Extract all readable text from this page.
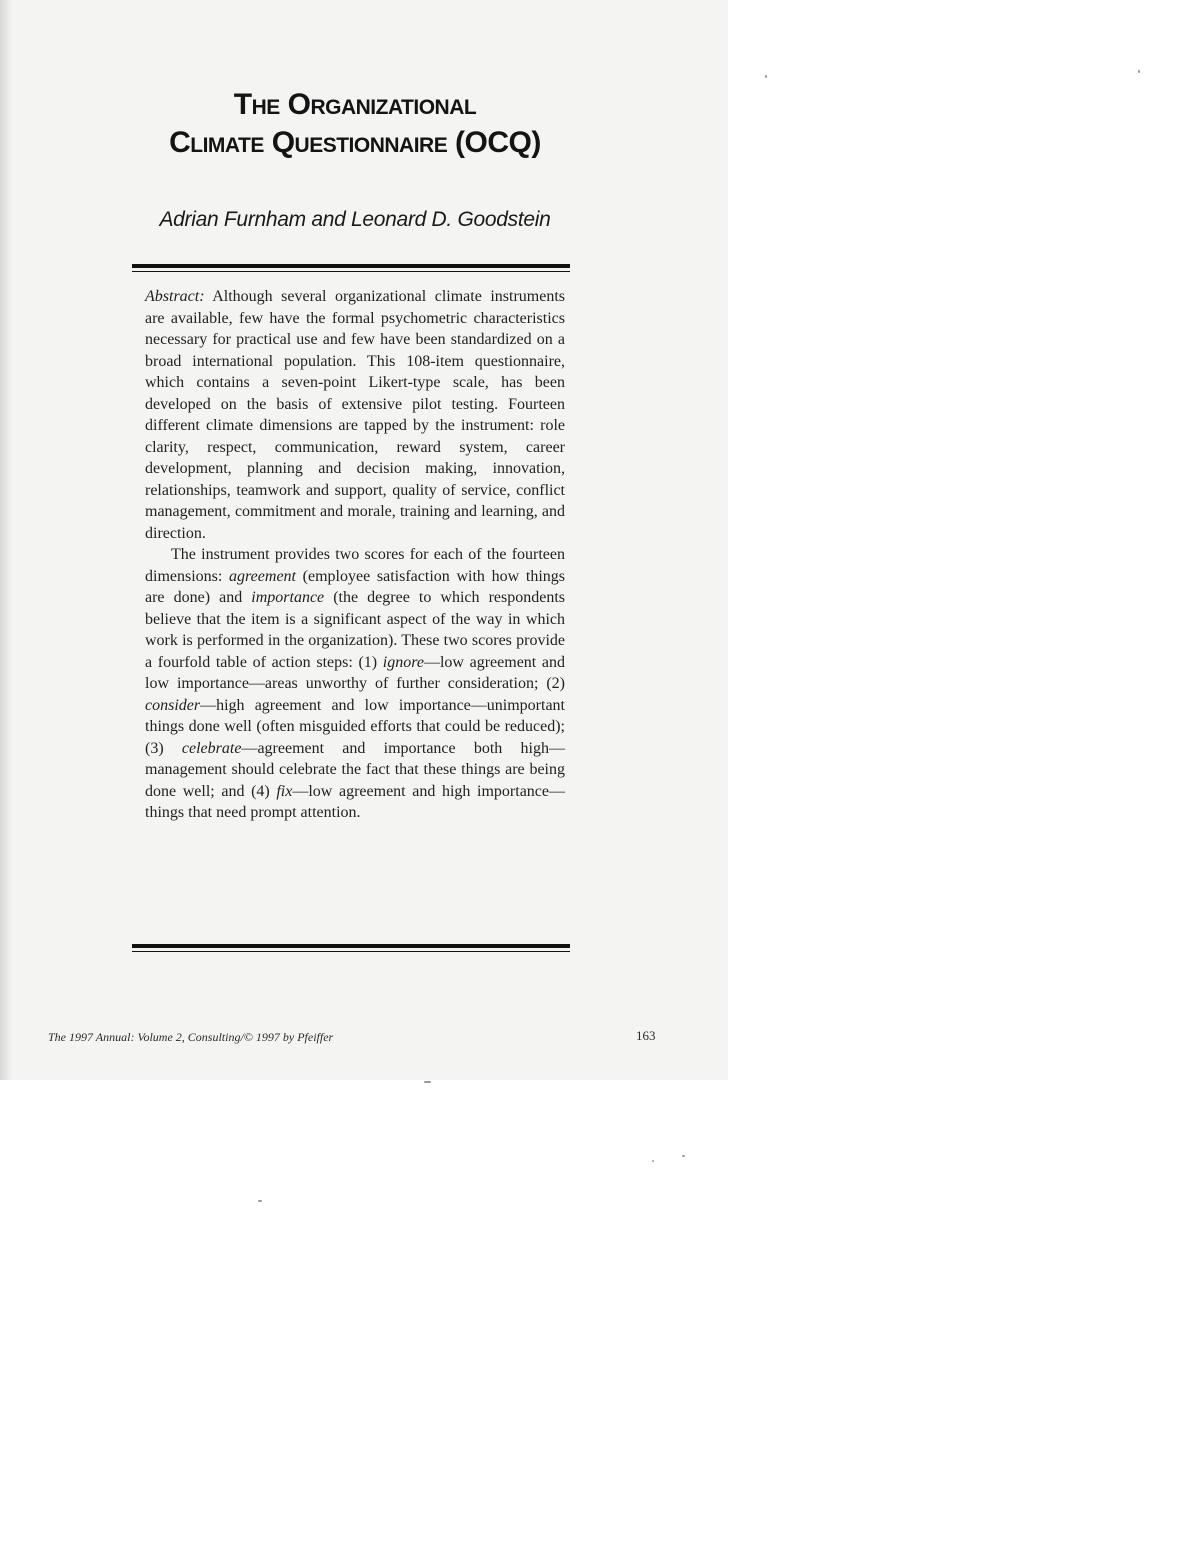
The Organizational
Climate Questionnaire (OCQ)
Adrian Furnham and Leonard D. Goodstein

Abstract: Although several organizational climate instruments are available, few have the formal psychometric characteristics necessary for practical use and few have been standardized on a broad international population. This 108-item questionnaire, which contains a seven-point Likert-type scale, has been developed on the basis of extensive pilot testing. Fourteen different climate dimensions are tapped by the instrument: role clarity, respect, communication, reward system, career development, planning and decision making, innovation, relationships, teamwork and support, quality of service, conflict management, commitment and morale, training and learning, and direction.

The instrument provides two scores for each of the fourteen dimensions: agreement (employee satisfaction with how things are done) and importance (the degree to which respondents believe that the item is a significant aspect of the way in which work is performed in the organization). These two scores provide a fourfold table of action steps: (1) ignore—low agreement and low importance—areas unworthy of further consideration; (2) consider—high agreement and low importance—unimportant things done well (often misguided efforts that could be reduced); (3) celebrate—agreement and importance both high—management should celebrate the fact that these things are being done well; and (4) fix—low agreement and high importance—things that need prompt attention.

The 1997 Annual: Volume 2, Consulting/© 1997 by Pfeiffer	163
